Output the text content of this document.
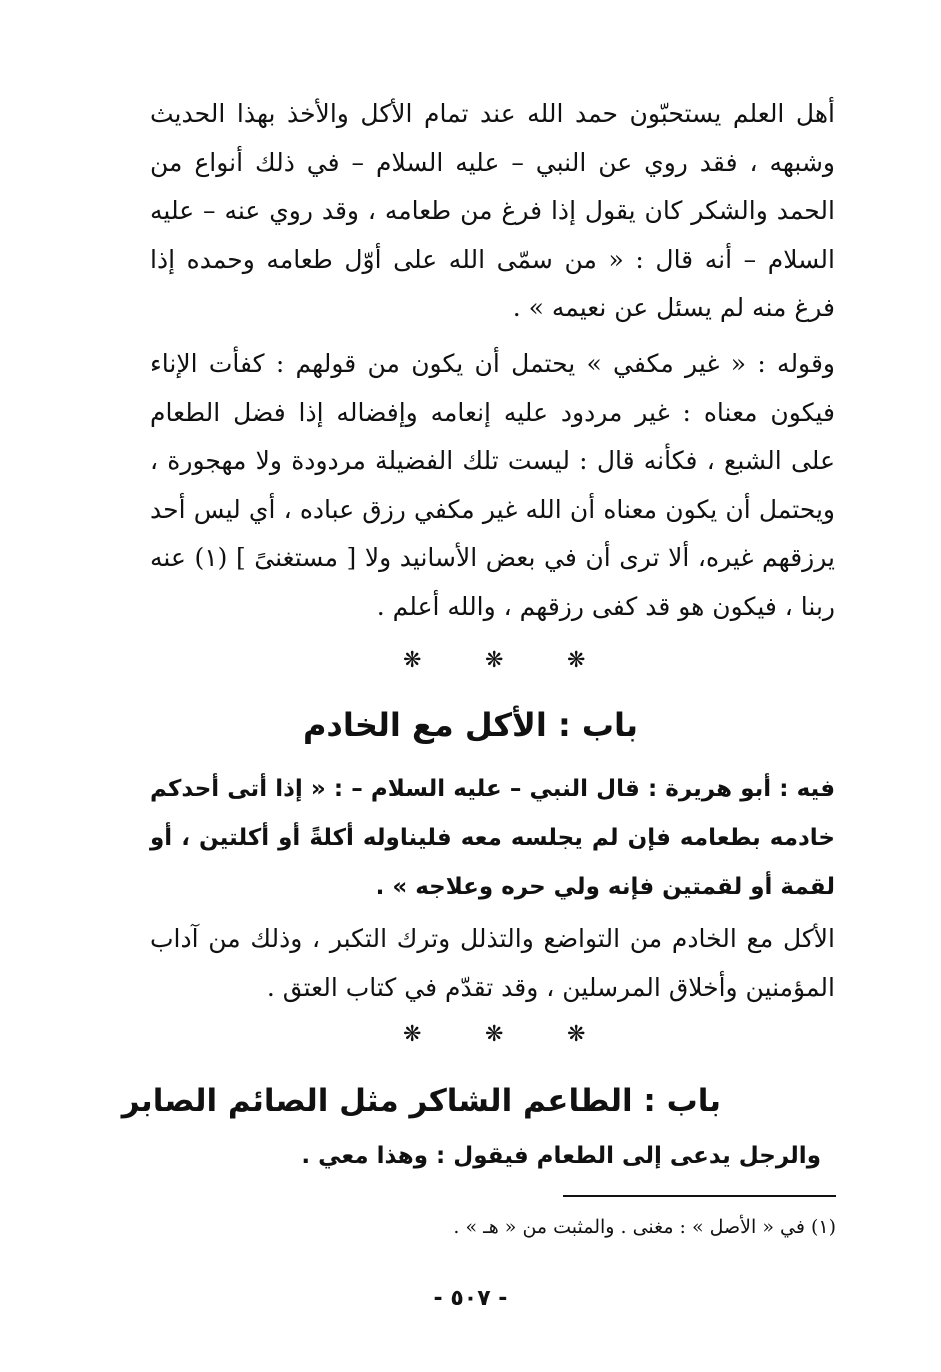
أهل العلم يستحبّون حمد الله عند تمام الأكل والأخذ بهذا الحديث وشبهه ، فقد روي عن النبي – عليه السلام – في ذلك أنواع من الحمد والشكر كان يقول إذا فرغ من طعامه ، وقد روي عنه – عليه السلام – أنه قال : « من سمّى الله على أوّل طعامه وحمده إذا فرغ منه لم يسئل عن نعيمه » .

وقوله : « غير مكفي » يحتمل أن يكون من قولهم : كفأت الإناء فيكون معناه : غير مردود عليه إنعامه وإفضاله إذا فضل الطعام على الشبع ، فكأنه قال : ليست تلك الفضيلة مردودة ولا مهجورة ، ويحتمل أن يكون معناه أن الله غير مكفي رزق عباده ، أي ليس أحد يرزقهم غيره، ألا ترى أن في بعض الأسانيد ولا [ مستغنىً ] (١) عنه ربنا ، فيكون هو قد كفى رزقهم ، والله أعلم .

❋	❋	❋
باب : الأكل مع الخادم

فيه : أبو هريرة : قال النبي – عليه السلام – : « إذا أتى أحدكم خادمه بطعامه فإن لم يجلسه معه فليناوله أكلةً أو أكلتين ، أو لقمة أو لقمتين فإنه ولي حره وعلاجه » .

الأكل مع الخادم من التواضع والتذلل وترك التكبر ، وذلك من آداب المؤمنين وأخلاق المرسلين ، وقد تقدّم في كتاب العتق .

❋	❋	❋
باب : الطاعم الشاكر مثل الصائم الصابر

والرجل يدعى إلى الطعام فيقول : وهذا معي .

(١) في « الأصل » : مغنى . والمثبت من « هـ » .

- ٥٠٧ -
